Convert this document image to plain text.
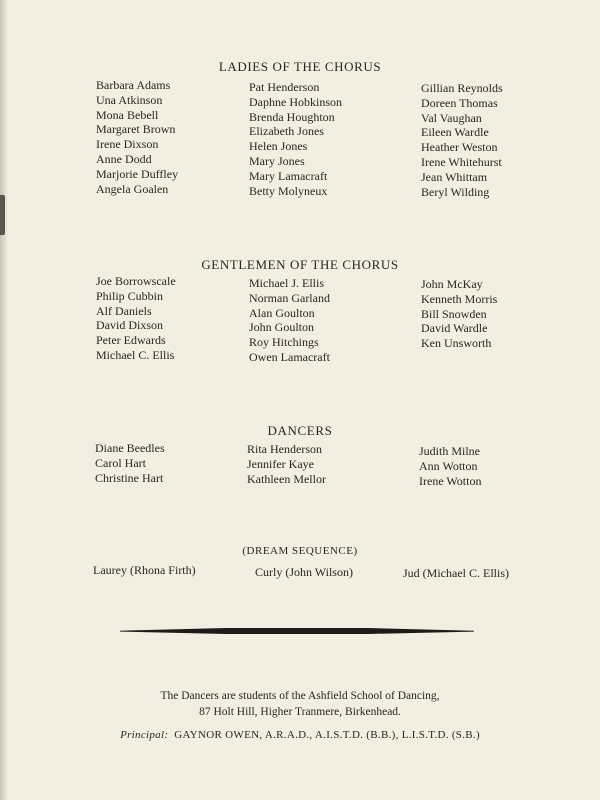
LADIES OF THE CHORUS
Barbara Adams
Una Atkinson
Mona Bebell
Margaret Brown
Irene Dixson
Anne Dodd
Marjorie Duffley
Angela Goalen
Pat Henderson
Daphne Hobkinson
Brenda Houghton
Elizabeth Jones
Helen Jones
Mary Jones
Mary Lamacraft
Betty Molyneux
Gillian Reynolds
Doreen Thomas
Val Vaughan
Eileen Wardle
Heather Weston
Irene Whitehurst
Jean Whittam
Beryl Wilding
GENTLEMEN OF THE CHORUS
Joe Borrowscale
Philip Cubbin
Alf Daniels
David Dixson
Peter Edwards
Michael C. Ellis
Michael J. Ellis
Norman Garland
Alan Goulton
John Goulton
Roy Hitchings
Owen Lamacraft
John McKay
Kenneth Morris
Bill Snowden
David Wardle
Ken Unsworth
DANCERS
Diane Beedles
Carol Hart
Christine Hart
Rita Henderson
Jennifer Kaye
Kathleen Mellor
Judith Milne
Ann Wotton
Irene Wotton
(DREAM SEQUENCE)
Laurey (Rhona Firth)	Curly (John Wilson)	Jud (Michael C. Ellis)
The Dancers are students of the Ashfield School of Dancing,
87 Holt Hill, Higher Tranmere, Birkenhead.
Principal: GAYNOR OWEN, A.R.A.D., A.I.S.T.D. (B.B.), L.I.S.T.D. (S.B.)
